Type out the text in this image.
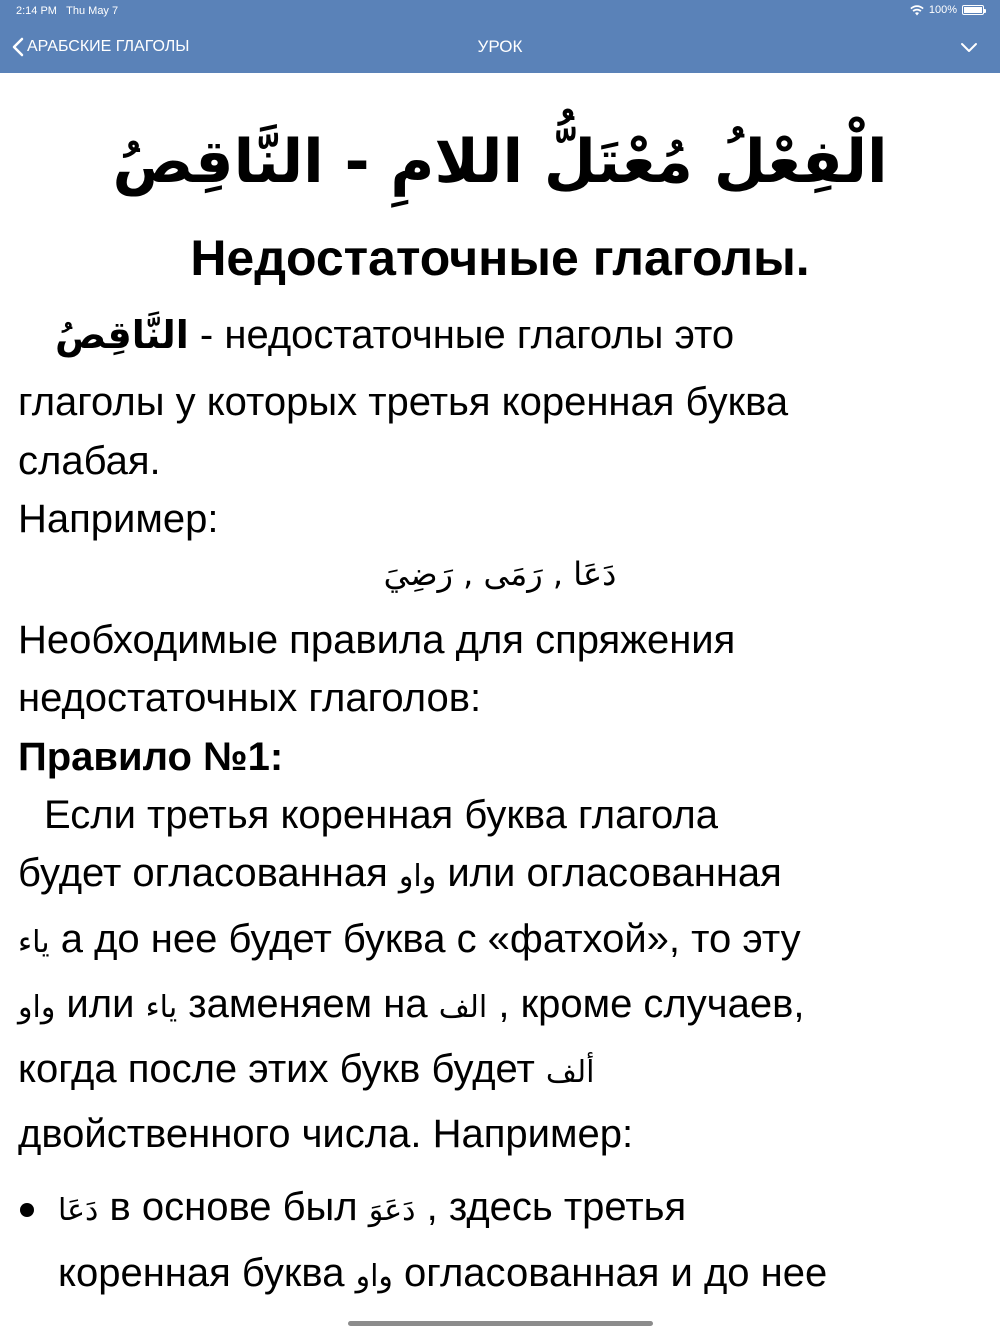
2:14 PM Thu May 7	100%
АРАБСКИЕ ГЛАГОЛЫ	УРОК
الْفِعْلُ مُعْتَلُّ اللامِ - النَّاقِصُ
Недостаточные глаголы.
النَّاقِصُ - недостаточные глаголы это
глаголы у которых третья коренная буква
слабая.
Например:
دَعَا , رَمَى , رَضِيَ
Необходимые правила для спряжения
недостаточных глаголов:
Правило №1:
Если третья коренная буква глагола
будет огласованная واو или огласованная
ياء а до нее будет буква с «фатхой», то эту
واو или ياء заменяем на الف , кроме случаев,
когда после этих букв будет ألف
двойственного числа. Например:
دَعَا в основе был دَعَوَ , здесь третья
коренная буква واو огласованная и до нее
